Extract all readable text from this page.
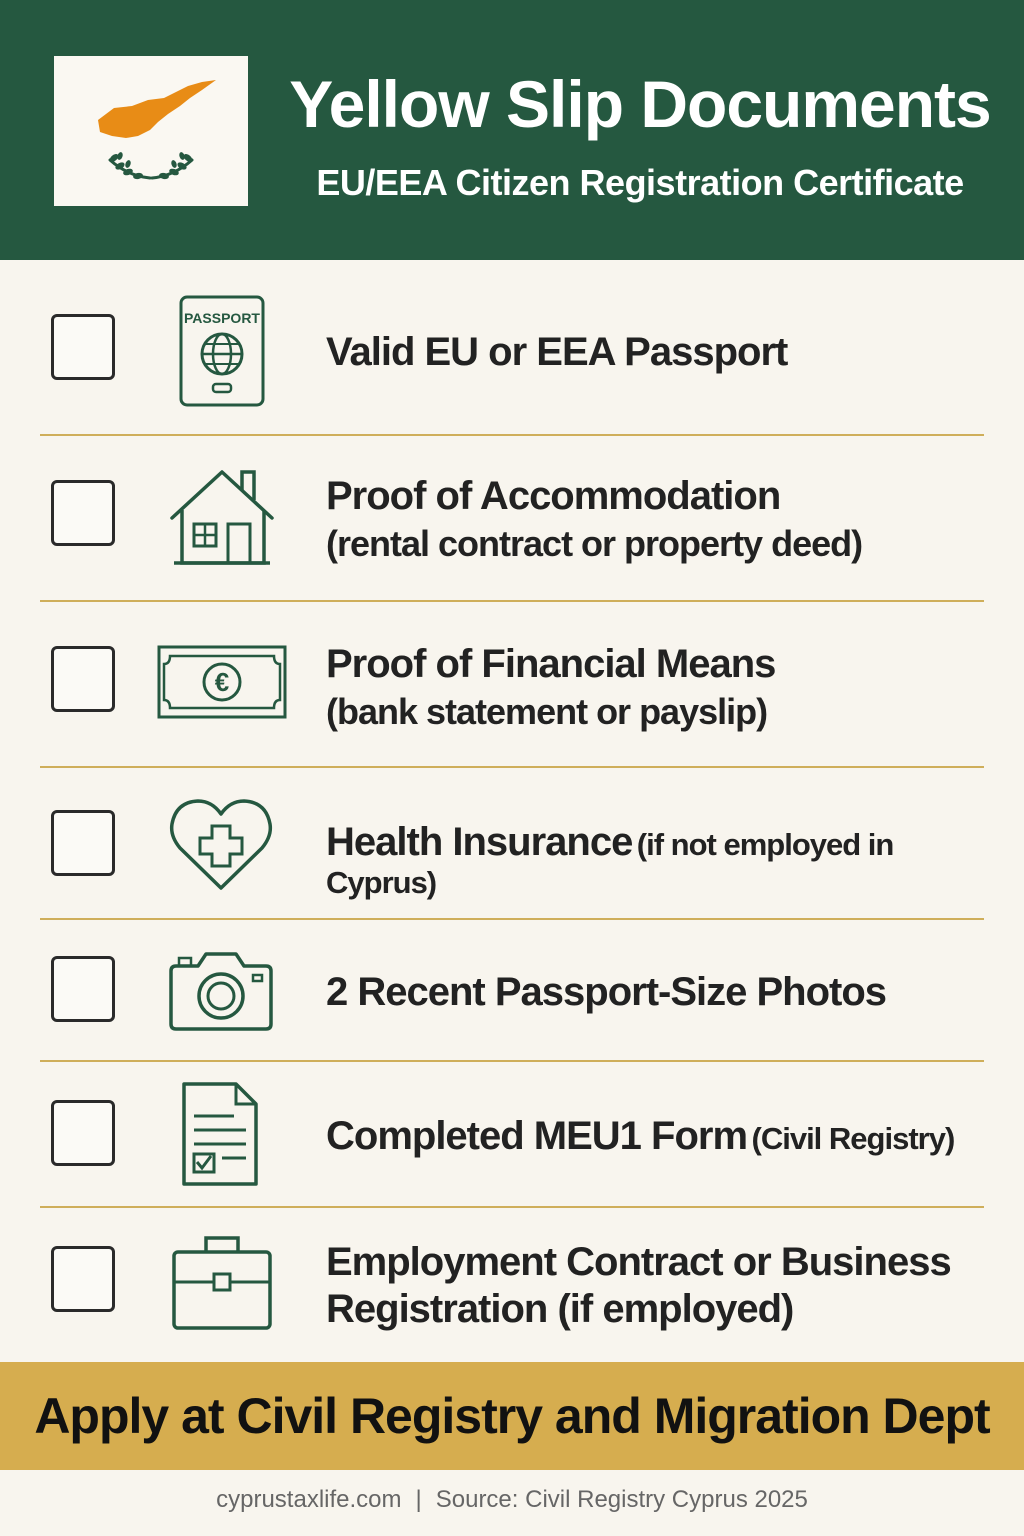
Yellow Slip Documents
EU/EEA Citizen Registration Certificate
PASSPORT
Valid EU or EEA Passport
Proof of Accommodation
(rental contract or property deed)
€ Proof of Financial Means
(bank statement or payslip)
Health Insurance (if not employed in Cyprus)
2 Recent Passport-Size Photos
Completed MEU1 Form (Civil Registry)
Employment Contract or Business
Registration (if employed)
Apply at Civil Registry and Migration Dept
cyprustaxlife.com | Source: Civil Registry Cyprus 2025
